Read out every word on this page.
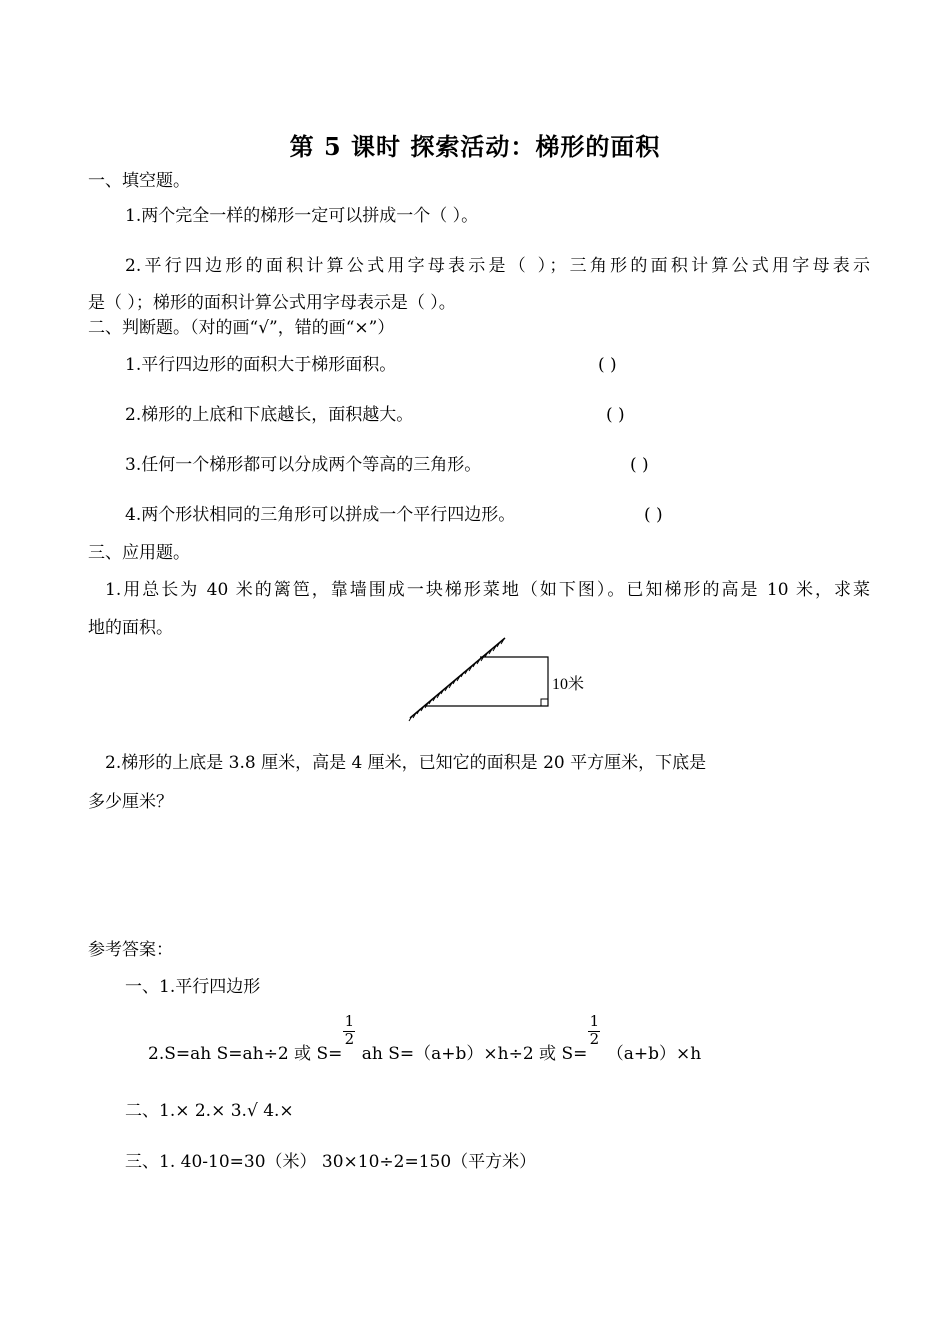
第 5 课时 探索活动：梯形的面积
一、填空题。
1.两个完全一样的梯形一定可以拼成一个（ ）。
2.平行四边形的面积计算公式用字母表示是（ ）；三角形的面积计算公式用字母表示
是（ ）；梯形的面积计算公式用字母表示是（ ）。
二、判断题。（对的画“√”，错的画“×”）
1.平行四边形的面积大于梯形面积。	( )
2.梯形的上底和下底越长，面积越大。	( )
3.任何一个梯形都可以分成两个等高的三角形。	( )
4.两个形状相同的三角形可以拼成一个平行四边形。	( )
三、应用题。
1.用总长为 40 米的篱笆，靠墙围成一块梯形菜地（如下图）。已知梯形的高是 10 米，求菜
地的面积。
10米
2.梯形的上底是 3.8 厘米，高是 4 厘米，已知它的面积是 20 平方厘米，下底是
多少厘米？
参考答案：
一、1.平行四边形
2.S=ah S=ah÷2 或 $S= \frac{1}{2}$ ah S=（a+b）×h÷2 或 $S= \frac{1}{2} (a+b)\times h$
二、1.× 2.× 3.√ 4.×
三、1. 40-10=30（米） 30×10÷2=150（平方米）
